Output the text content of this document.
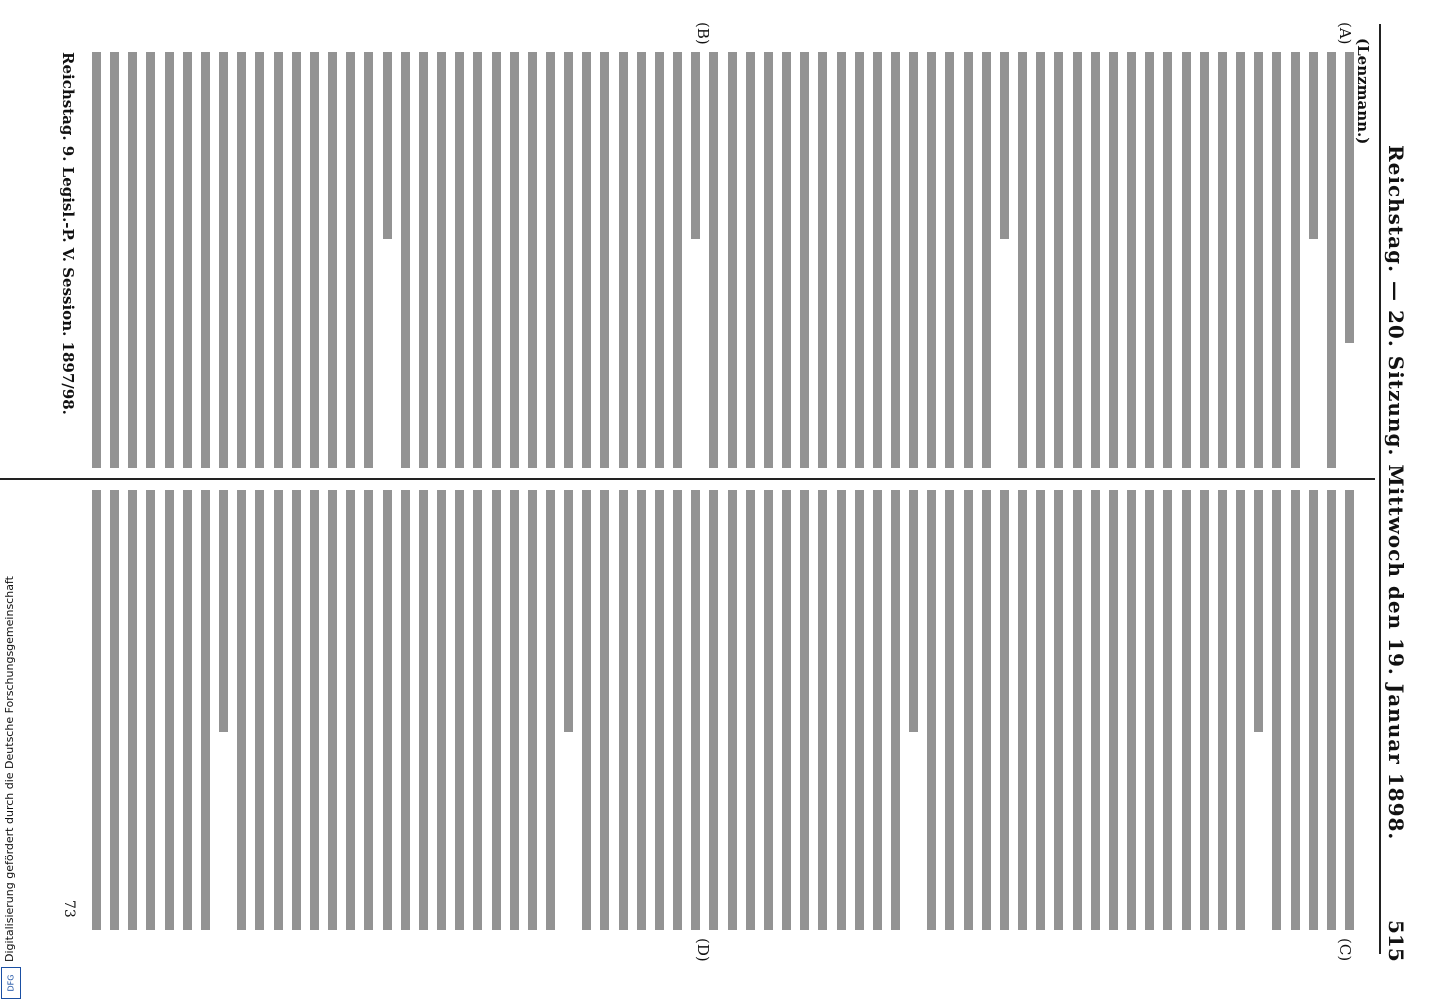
Reichstag. — 20. Sitzung. Mittwoch den 19. Januar 1898.
515
(Lenzmann.)
(A)
(B)
(C)
(D)
Reichstag. 9. Legisl.-P. V. Session. 1897/98.
73
Digitalisierung gefördert durch die Deutsche Forschungsgemeinschaft
DFG
